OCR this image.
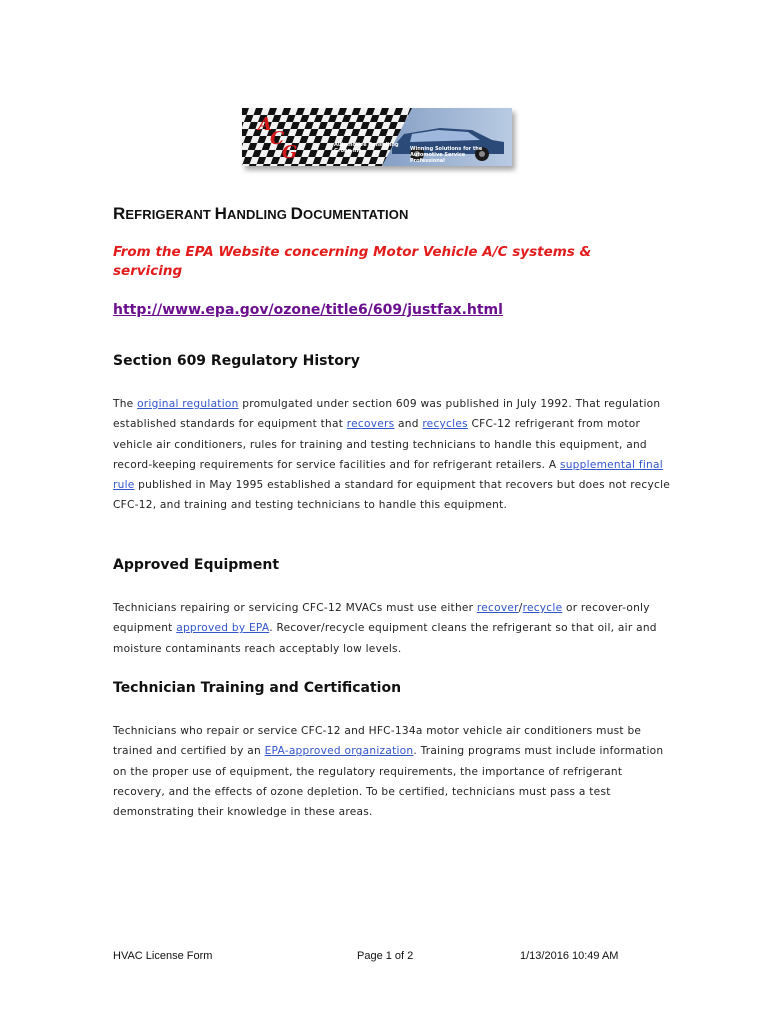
A
C
G	Automotive Consulting Group Inc.	Winning Solutions for the Automotive Service Professional
REFRIGERANT HANDLING DOCUMENTATION

From the EPA Website concerning Motor Vehicle A/C systems & servicing

http://www.epa.gov/ozone/title6/609/justfax.html
Section 609 Regulatory History

The original regulation promulgated under section 609 was published in July 1992. That regulation established standards for equipment that recovers and recycles CFC-12 refrigerant from motor vehicle air conditioners, rules for training and testing technicians to handle this equipment, and record-keeping requirements for service facilities and for refrigerant retailers. A supplemental final rule published in May 1995 established a standard for equipment that recovers but does not recycle CFC-12, and training and testing technicians to handle this equipment.

Approved Equipment

Technicians repairing or servicing CFC-12 MVACs must use either recover/recycle or recover-only equipment approved by EPA. Recover/recycle equipment cleans the refrigerant so that oil, air and moisture contaminants reach acceptably low levels.

Technician Training and Certification

Technicians who repair or service CFC-12 and HFC-134a motor vehicle air conditioners must be trained and certified by an EPA-approved organization. Training programs must include information on the proper use of equipment, the regulatory requirements, the importance of refrigerant recovery, and the effects of ozone depletion. To be certified, technicians must pass a test demonstrating their knowledge in these areas.

HVAC License Form	Page 1 of 2	1/13/2016 10:49 AM
